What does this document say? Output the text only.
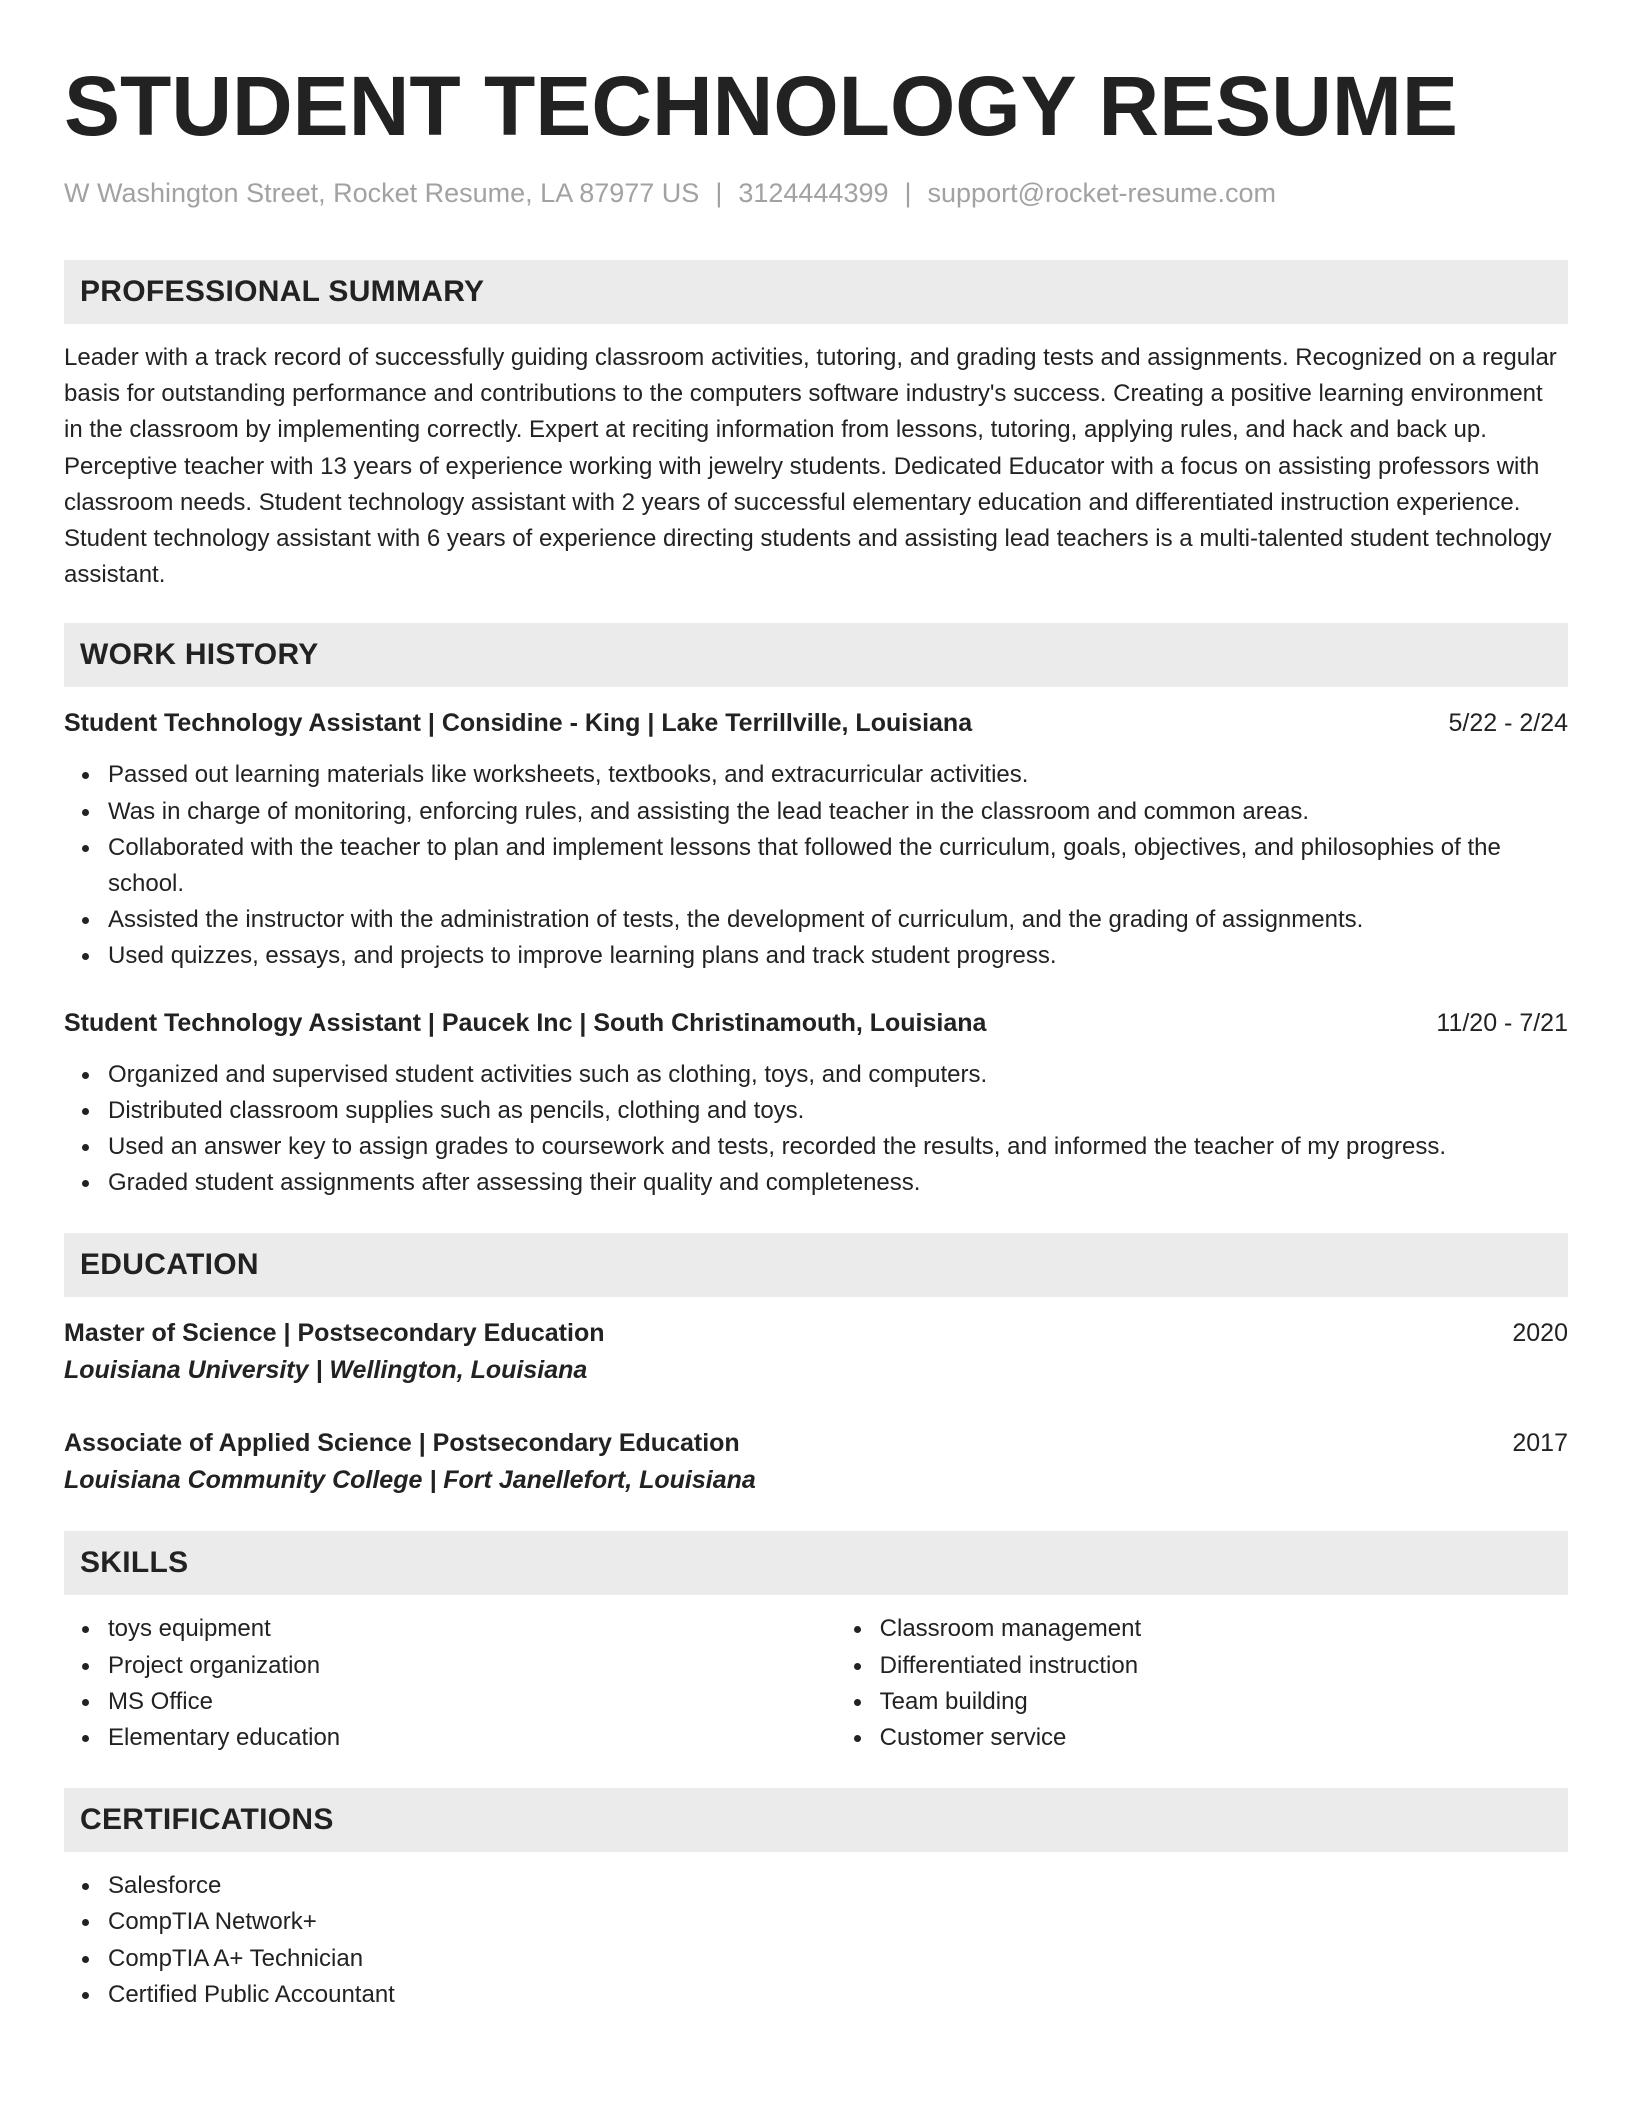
STUDENT TECHNOLOGY RESUME
W Washington Street, Rocket Resume, LA 87977 US | 3124444399 | support@rocket-resume.com
PROFESSIONAL SUMMARY
Leader with a track record of successfully guiding classroom activities, tutoring, and grading tests and assignments. Recognized on a regular basis for outstanding performance and contributions to the computers software industry's success. Creating a positive learning environment in the classroom by implementing correctly. Expert at reciting information from lessons, tutoring, applying rules, and hack and back up. Perceptive teacher with 13 years of experience working with jewelry students. Dedicated Educator with a focus on assisting professors with classroom needs. Student technology assistant with 2 years of successful elementary education and differentiated instruction experience. Student technology assistant with 6 years of experience directing students and assisting lead teachers is a multi-talented student technology assistant.
WORK HISTORY
Student Technology Assistant | Considine - King | Lake Terrillville, Louisiana	5/22 - 2/24
Passed out learning materials like worksheets, textbooks, and extracurricular activities.
Was in charge of monitoring, enforcing rules, and assisting the lead teacher in the classroom and common areas.
Collaborated with the teacher to plan and implement lessons that followed the curriculum, goals, objectives, and philosophies of the school.
Assisted the instructor with the administration of tests, the development of curriculum, and the grading of assignments.
Used quizzes, essays, and projects to improve learning plans and track student progress.
Student Technology Assistant | Paucek Inc | South Christinamouth, Louisiana	11/20 - 7/21
Organized and supervised student activities such as clothing, toys, and computers.
Distributed classroom supplies such as pencils, clothing and toys.
Used an answer key to assign grades to coursework and tests, recorded the results, and informed the teacher of my progress.
Graded student assignments after assessing their quality and completeness.
EDUCATION
Master of Science | Postsecondary Education	2020
Louisiana University | Wellington, Louisiana
Associate of Applied Science | Postsecondary Education	2017
Louisiana Community College | Fort Janellefort, Louisiana
SKILLS
toys equipment
Project organization
MS Office
Elementary education
Classroom management
Differentiated instruction
Team building
Customer service
CERTIFICATIONS
Salesforce
CompTIA Network+
CompTIA A+ Technician
Certified Public Accountant
